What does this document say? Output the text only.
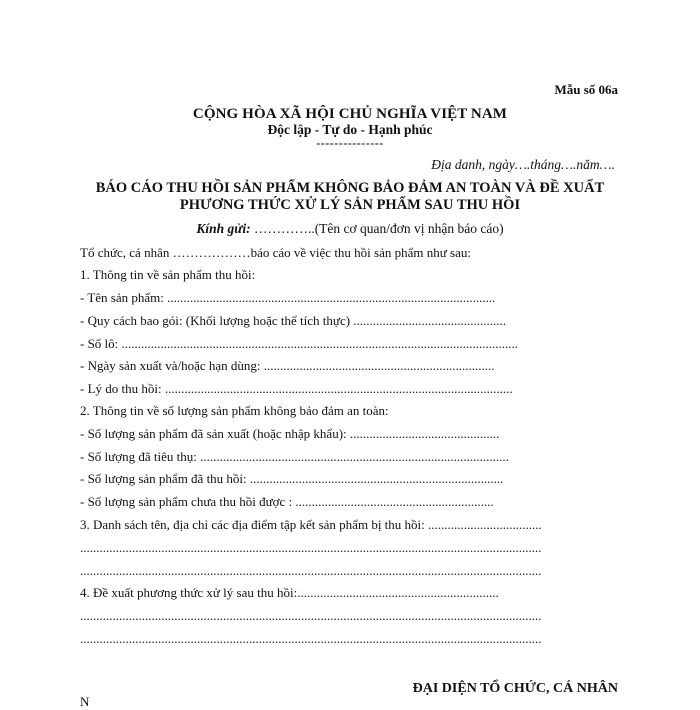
Mẫu số 06a
CỘNG HÒA XÃ HỘI CHỦ NGHĨA VIỆT NAM
Độc lập - Tự do - Hạnh phúc
---------------
Địa danh, ngày….tháng….năm….
BÁO CÁO THU HỒI SẢN PHẨM KHÔNG BẢO ĐẢM AN TOÀN VÀ ĐỀ XUẤT
PHƯƠNG THỨC XỬ LÝ SẢN PHẨM SAU THU HỒI
Kính gửi: …………..(Tên cơ quan/đơn vị nhận báo cáo)
Tổ chức, cá nhân ………………báo cáo về việc thu hồi sản phẩm như sau:
1. Thông tin về sản phẩm thu hồi:
- Tên sản phẩm: .....................................................................................................
- Quy cách bao gói: (Khối lượng hoặc thể tích thực) ...............................................
- Số lô: ..........................................................................................................................
- Ngày sản xuất và/hoặc hạn dùng: .......................................................................
- Lý do thu hồi: ...........................................................................................................
2. Thông tin về số lượng sản phẩm không bảo đảm an toàn:
- Số lượng sản phẩm đã sản xuất (hoặc nhập khẩu): ..............................................
- Số lượng đã tiêu thụ: ...............................................................................................
- Số lượng sản phẩm đã thu hồi: ..............................................................................
- Số lượng sản phẩm chưa thu hồi được : .............................................................
3. Danh sách tên, địa chỉ các địa điểm tập kết sản phẩm bị thu hồi: ...................................
..............................................................................................................................................
..............................................................................................................................................
4. Đề xuất phương thức xử lý sau thu hồi:..............................................................
..............................................................................................................................................
..............................................................................................................................................
ĐẠI DIỆN TỔ CHỨC, CÁ NHÂN
N
